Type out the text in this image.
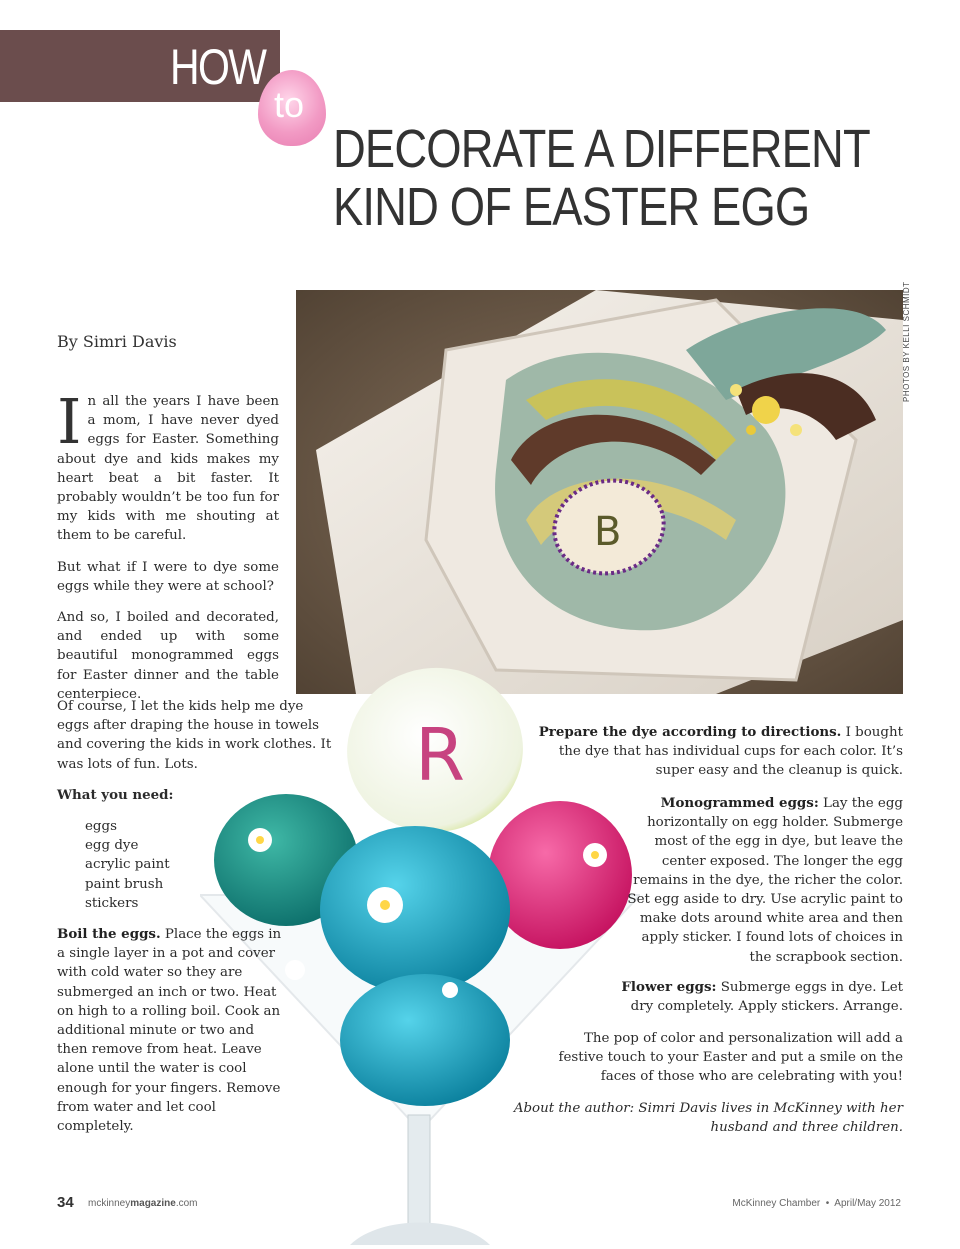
HOW
to
DECORATE A DIFFERENT
KIND OF EASTER EGG
By Simri Davis
B
PHOTOS BY KELLI SCHMIDT
R

In all the years I have been a mom, I have never dyed eggs for Easter. Something about dye and kids makes my heart beat a bit faster. It probably wouldn’t be too fun for my kids with me shouting at them to be careful.

But what if I were to dye some eggs while they were at school?

And so, I boiled and decorated, and ended up with some beautiful monogrammed eggs for Easter dinner and the table centerpiece.

Of course, I let the kids help me dye eggs after draping the house in towels and covering the kids in work clothes. It was lots of fun. Lots.

What you need:

eggs
egg dye
acrylic paint
paint brush
stickers

Boil the eggs. Place the eggs in a single layer in a pot and cover with cold water so they are submerged an inch or two. Heat on high to a rolling boil. Cook an additional minute or two and then remove from heat. Leave alone until the water is cool enough for your fingers. Remove from water and let cool completely.

Prepare the dye according to directions. I bought the dye that has individual cups for each color. It’s super easy and the cleanup is quick.

Monogrammed eggs: Lay the egg horizontally on egg holder. Submerge most of the egg in dye, but leave the center exposed. The longer the egg remains in the dye, the richer the color. Set egg aside to dry. Use acrylic paint to make dots around white area and then apply sticker. I found lots of choices in the scrapbook section.

Flower eggs: Submerge eggs in dye. Let dry completely. Apply stickers. Arrange.

The pop of color and personalization will add a festive touch to your Easter and put a smile on the faces of those who are celebrating with you!
About the author: Simri Davis lives in McKinney with her husband and three children.
34 mckinneymagazine.com	McKinney Chamber  •  April/May 2012
